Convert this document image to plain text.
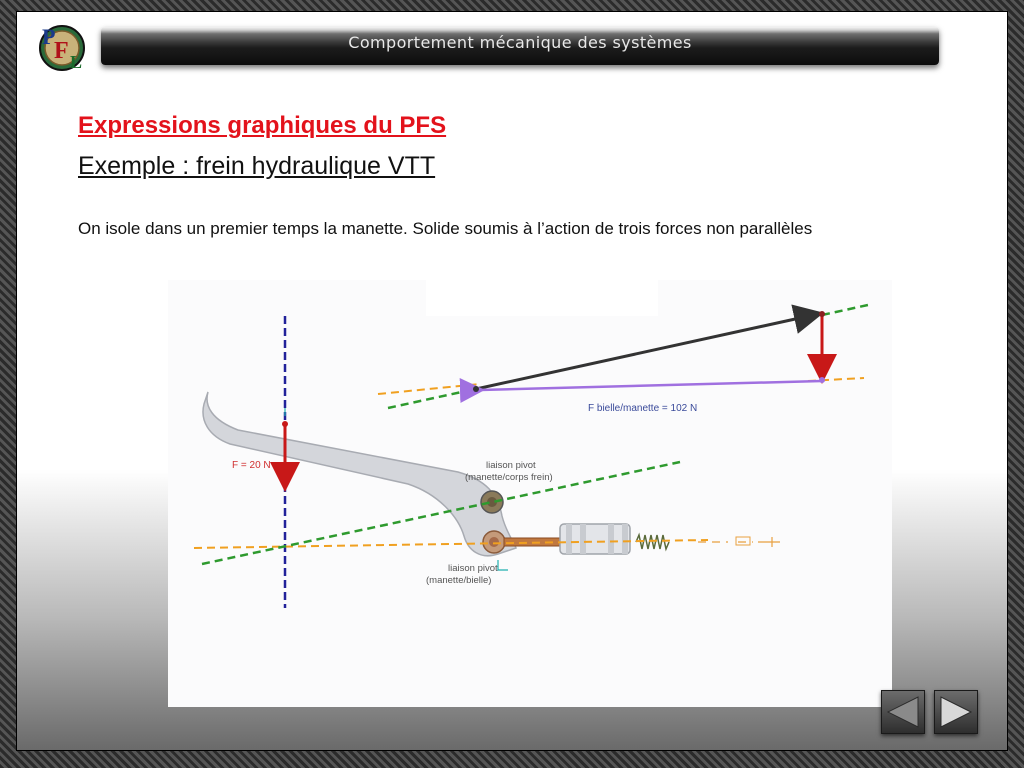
P
F L
Comportement mécanique des systèmes

Expressions graphiques du PFS

Exemple : frein hydraulique VTT

On isole dans un premier temps la manette. Solide soumis à l’action de trois forces non parallèles

F = 20 N
F bielle/manette = 102 N
liaison pivot
(manette/corps frein)
liaison pivot
(manette/bielle)
